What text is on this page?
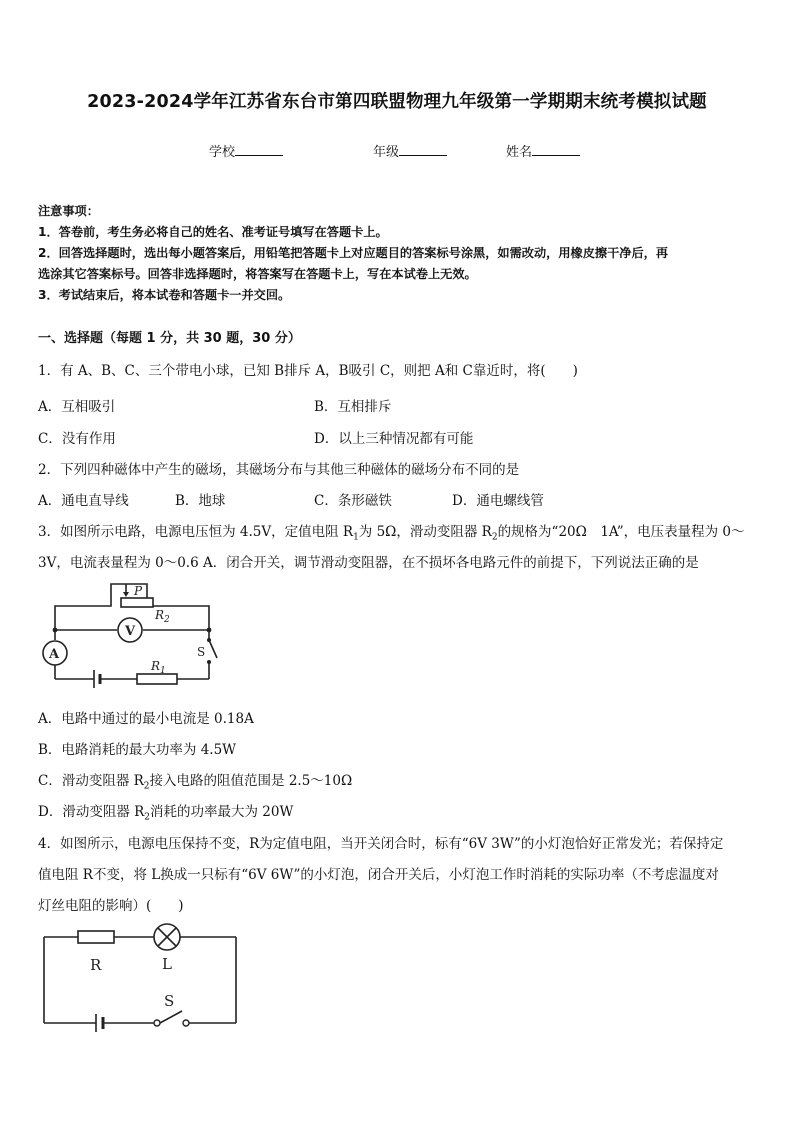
2023-2024学年江苏省东台市第四联盟物理九年级第一学期期末统考模拟试题
学校	年级	姓名
注意事项：
1．答卷前，考生务必将自己的姓名、准考证号填写在答题卡上。
2．回答选择题时，选出每小题答案后，用铅笔把答题卡上对应题目的答案标号涂黑，如需改动，用橡皮擦干净后，再
选涂其它答案标号。回答非选择题时，将答案写在答题卡上，写在本试卷上无效。
3．考试结束后，将本试卷和答题卡一并交回。
一、选择题（每题 1 分，共 30 题，30 分）
1．有 A、B、C、三个带电小球，已知 B排斥 A，B吸引 C，则把 A和 C靠近时，将(　　)
A．互相吸引	B．互相排斥
C．没有作用	D．以上三种情况都有可能
2．下列四种磁体中产生的磁场，其磁场分布与其他三种磁体的磁场分布不同的是
A．通电直导线	B．地球	C．条形磁铁	D．通电螺线管
3．如图所示电路，电源电压恒为 4.5V，定值电阻 $R_1$为 5Ω，滑动变阻器 $R_2$的规格为“20Ω　1A”，电压表量程为 0～
3V，电流表量程为 0～0.6 A．闭合开关，调节滑动变阻器，在不损坏各电路元件的前提下，下列说法正确的是
P
$R_2$
V
A	S
$R_1$
A．电路中通过的最小电流是 0.18A
B．电路消耗的最大功率为 4.5W
C．滑动变阻器 $R_2$接入电路的阻值范围是 2.5～10Ω
D．滑动变阻器 $R_2$消耗的功率最大为 20W
4．如图所示，电源电压保持不变，R为定值电阻，当开关闭合时，标有“6V 3W”的小灯泡恰好正常发光；若保持定
值电阻 R不变，将 L换成一只标有“6V 6W”的小灯泡，闭合开关后，小灯泡工作时消耗的实际功率（不考虑温度对
灯丝电阻的影响）(　　)
R	L
S
